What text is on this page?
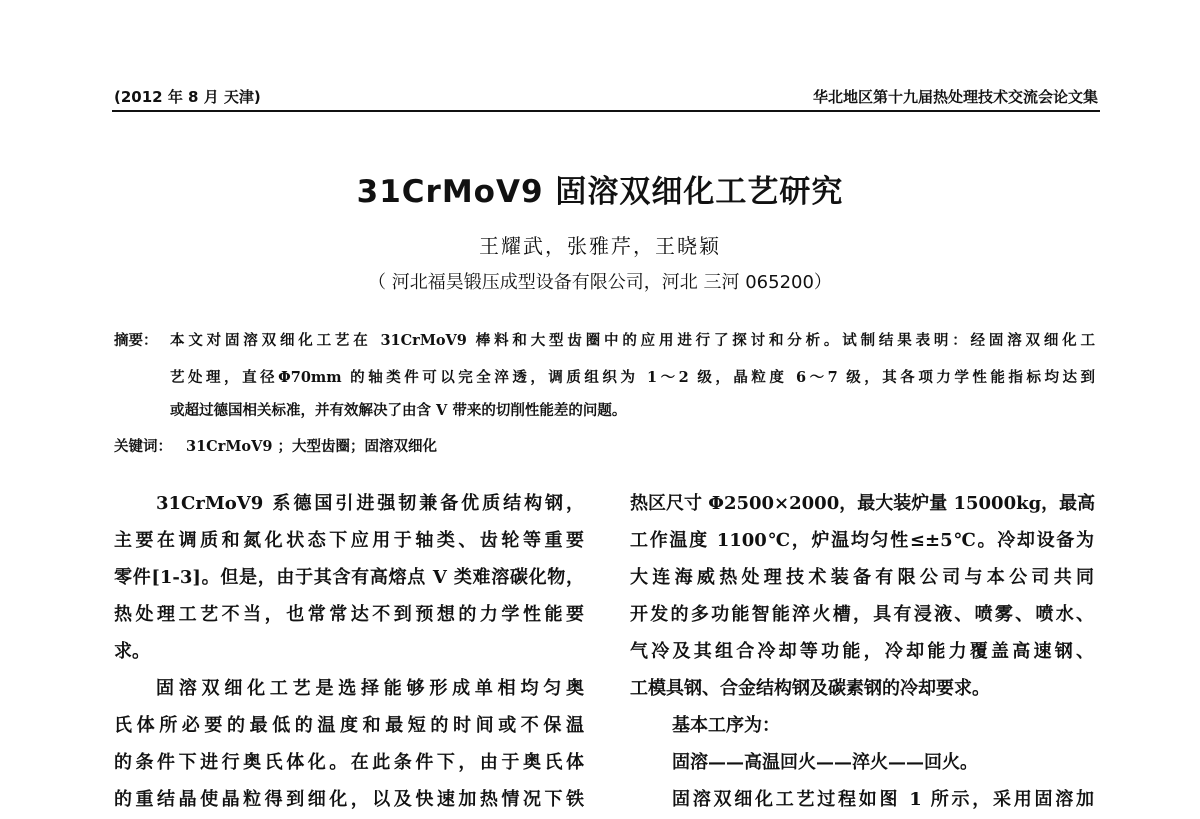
(2012 年 8 月 天津)	华北地区第十九届热处理技术交流会论文集
31CrMoV9 固溶双细化工艺研究
王耀武，张雅芹，王晓颖
（ 河北福昊锻压成型设备有限公司，河北 三河 065200）
摘要： 本文对固溶双细化工艺在 31CrMoV9 棒料和大型齿圈中的应用进行了探讨和分析。试制结果表明：经固溶双细化工
艺处理，直径Φ70mm 的轴类件可以完全淬透，调质组织为 1～2 级，晶粒度 6～7 级，其各项力学性能指标均达到
或超过德国相关标准，并有效解决了由含 V 带来的切削性能差的问题。
关键词： 31CrMoV9 ；大型齿圈；固溶双细化
31CrMoV9 系德国引进强韧兼备优质结构钢，
主要在调质和氮化状态下应用于轴类、齿轮等重要
零件[1-3]。但是，由于其含有高熔点 V 类难溶碳化物，
热处理工艺不当，也常常达不到预想的力学性能要
求。
固溶双细化工艺是选择能够形成单相均匀奥
氏体所必要的最低的温度和最短的时间或不保温
的条件下进行奥氏体化。在此条件下，由于奥氏体
的重结晶使晶粒得到细化，以及快速加热情况下铁
热区尺寸 Φ2500×2000，最大装炉量 15000kg，最高
工作温度 1100℃，炉温均匀性≤±5℃。冷却设备为
大连海威热处理技术装备有限公司与本公司共同
开发的多功能智能淬火槽，具有浸液、喷雾、喷水、
气冷及其组合冷却等功能，冷却能力覆盖高速钢、
工模具钢、合金结构钢及碳素钢的冷却要求。
基本工序为：
固溶——高温回火——淬火——回火。
固溶双细化工艺过程如图 1 所示，采用固溶加
